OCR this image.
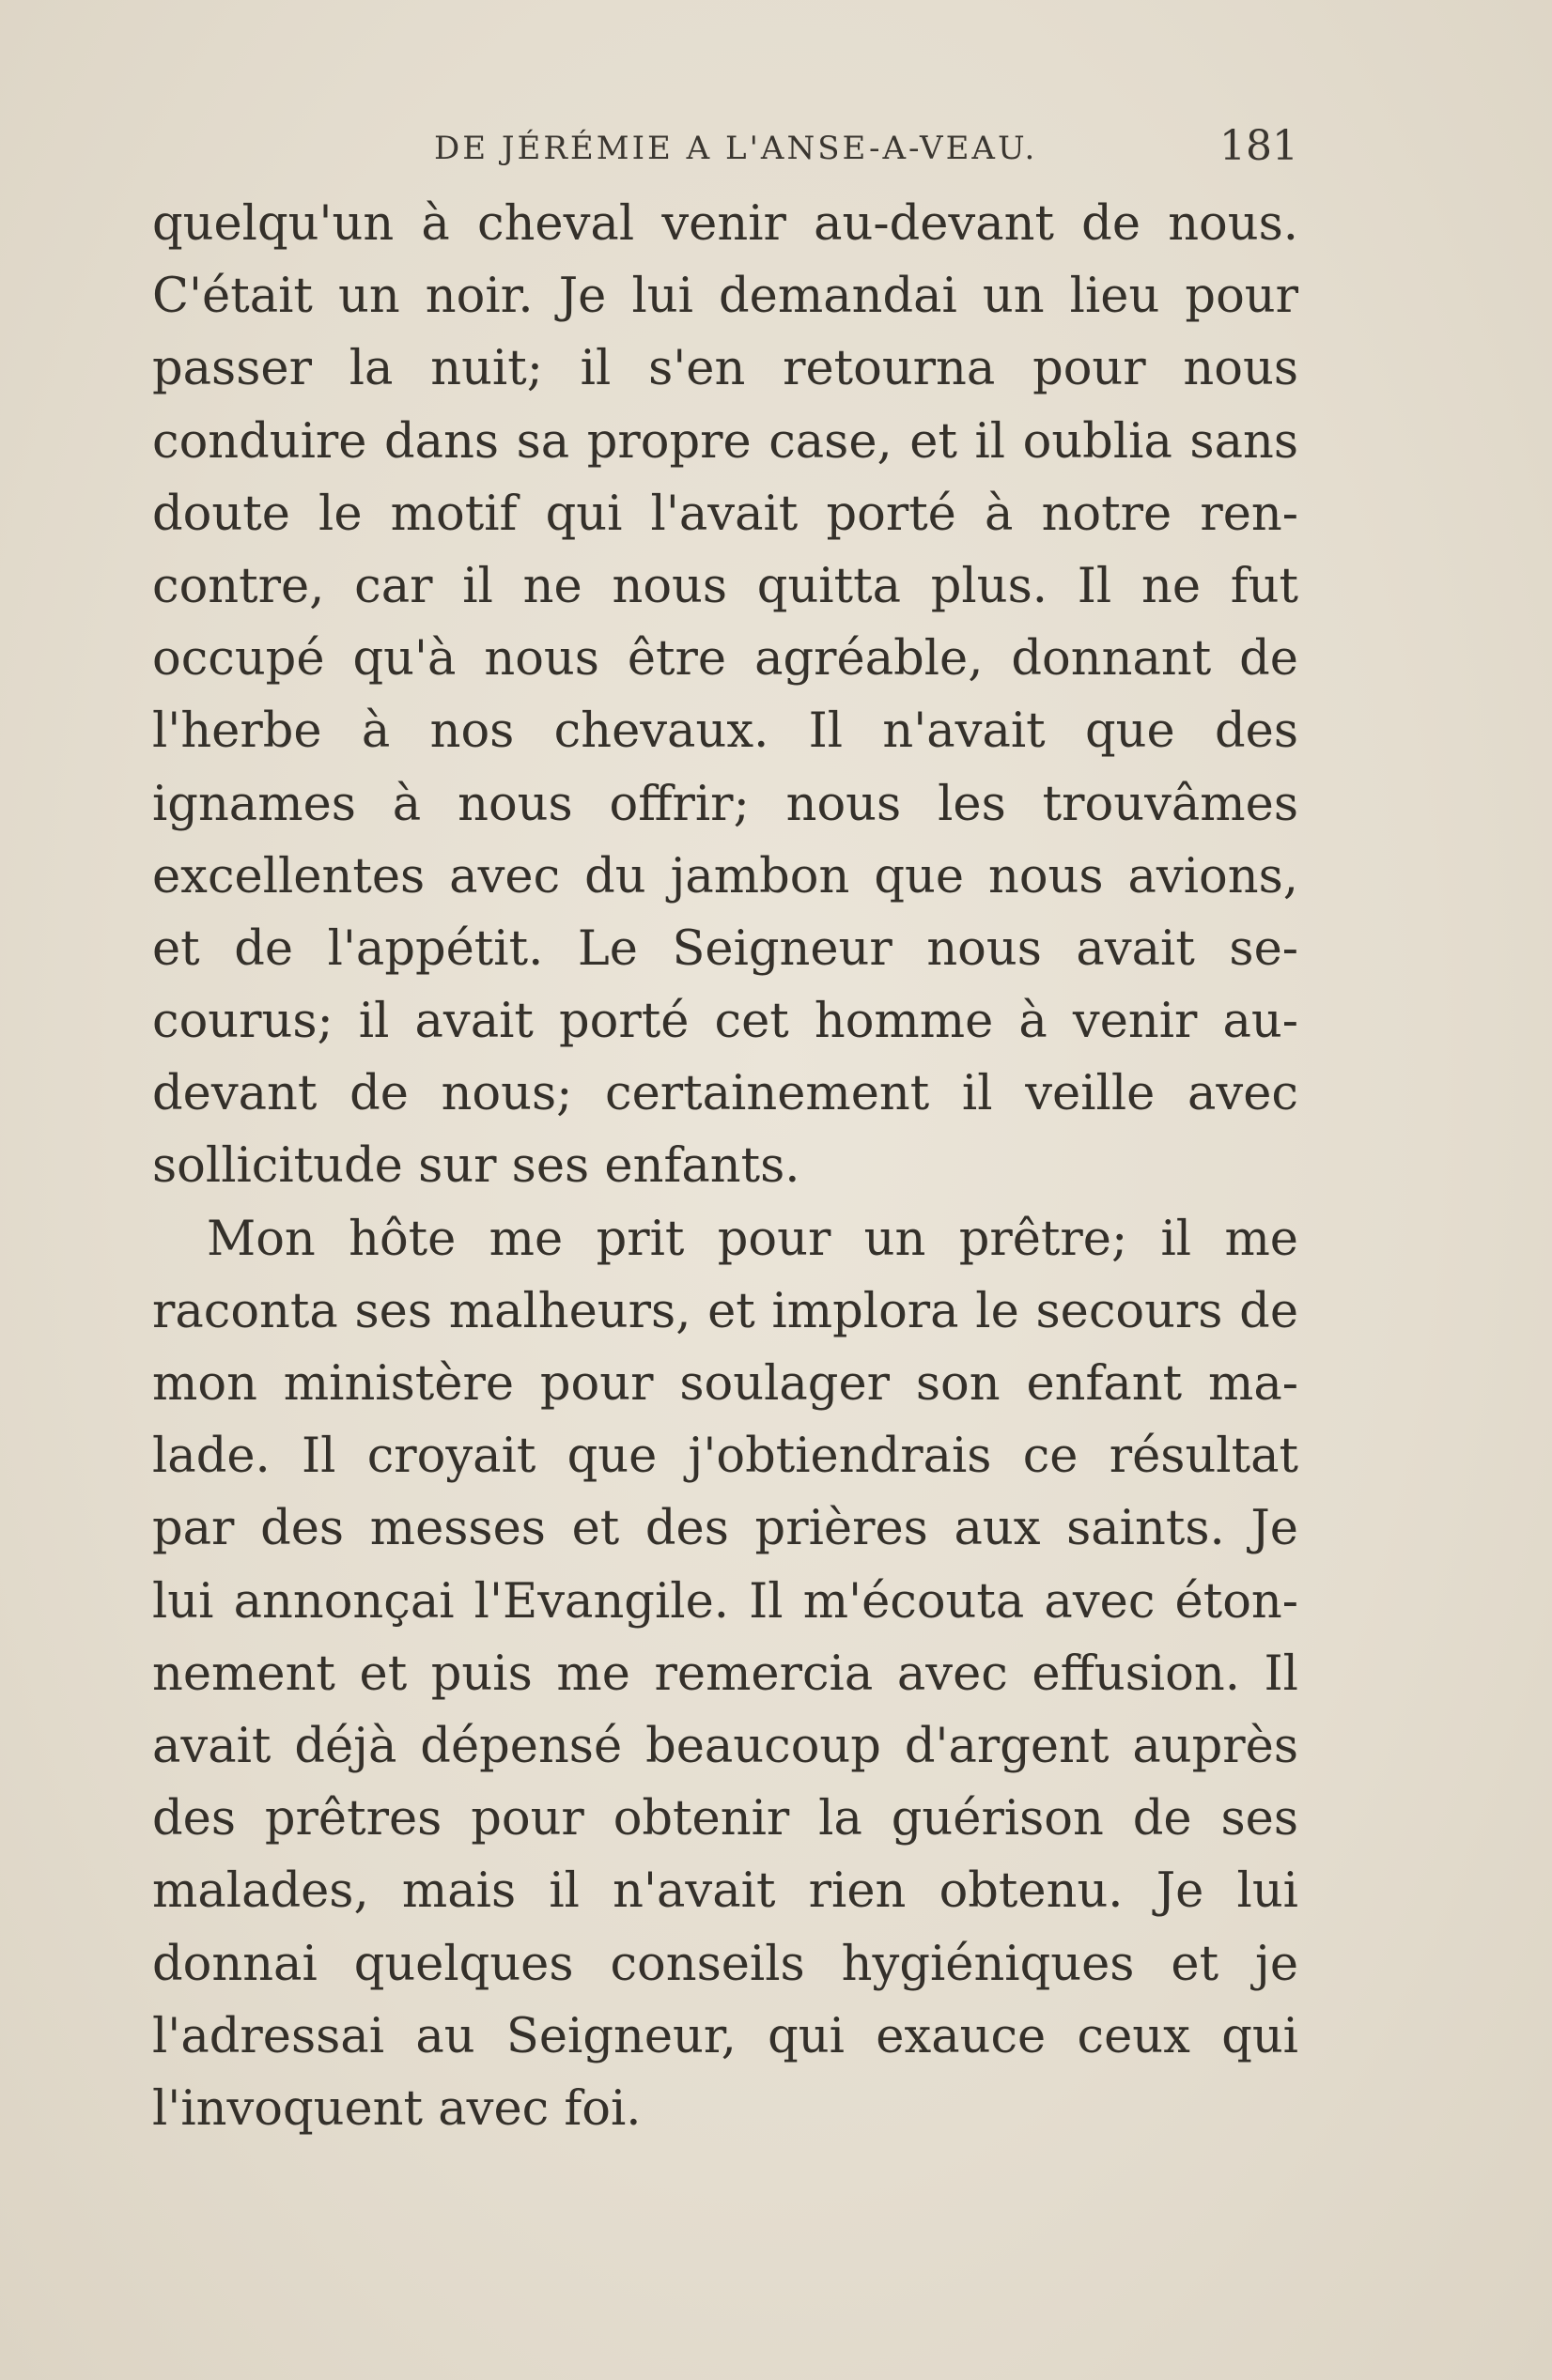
DE JÉRÉMIE A L'ANSE-A-VEAU.	181
quelqu'un à cheval venir au-devant de nous.
C'était un noir. Je lui demandai un lieu pour
passer la nuit; il s'en retourna pour nous
conduire dans sa propre case, et il oublia sans
doute le motif qui l'avait porté à notre ren-
contre, car il ne nous quitta plus. Il ne fut
occupé qu'à nous être agréable, donnant de
l'herbe à nos chevaux. Il n'avait que des
ignames à nous offrir; nous les trouvâmes
excellentes avec du jambon que nous avions,
et de l'appétit. Le Seigneur nous avait se-
courus; il avait porté cet homme à venir au-
devant de nous; certainement il veille avec
sollicitude sur ses enfants.
Mon hôte me prit pour un prêtre; il me
raconta ses malheurs, et implora le secours de
mon ministère pour soulager son enfant ma-
lade. Il croyait que j'obtiendrais ce résultat
par des messes et des prières aux saints. Je
lui annonçai l'Evangile. Il m'écouta avec éton-
nement et puis me remercia avec effusion. Il
avait déjà dépensé beaucoup d'argent auprès
des prêtres pour obtenir la guérison de ses
malades, mais il n'avait rien obtenu. Je lui
donnai quelques conseils hygiéniques et je
l'adressai au Seigneur, qui exauce ceux qui
l'invoquent avec foi.
